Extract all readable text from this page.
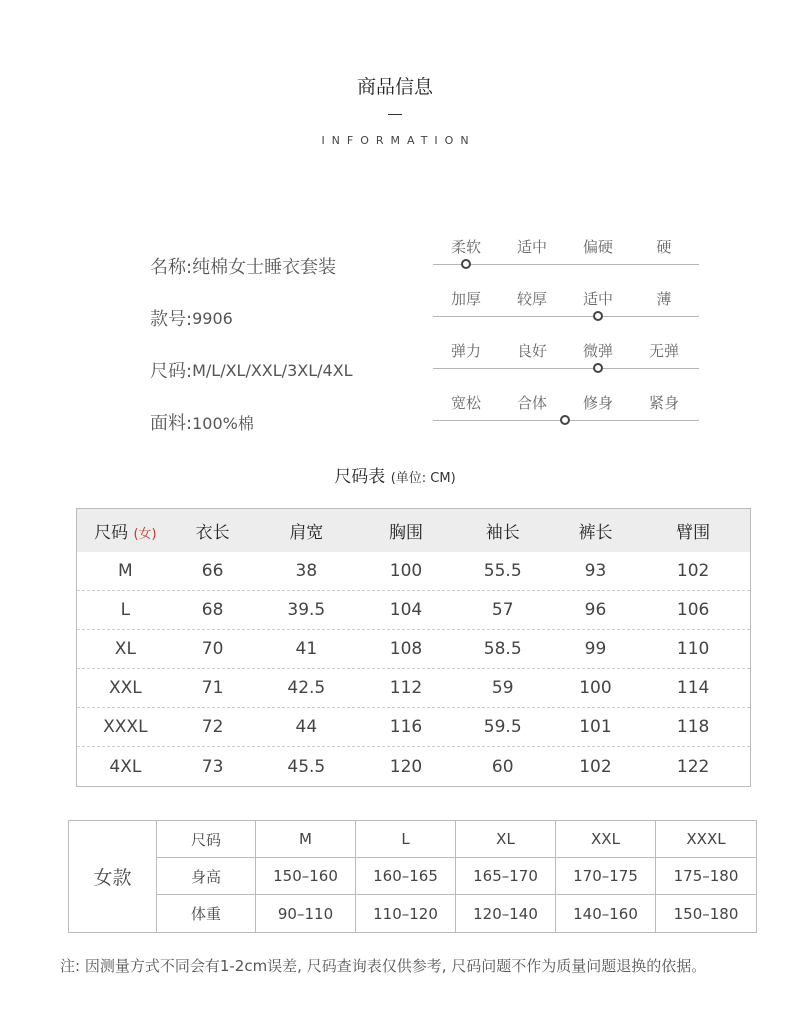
商品信息
INFORMATION
名称: 纯棉女士睡衣套装
款号: 9906
尺码: M/L/XL/XXL/3XL/4XL
面料: 100%棉
柔软	适中	偏硬	硬
加厚	较厚	适中	薄
弹力	良好	微弹	无弹
宽松	合体	修身	紧身
尺码表 (单位: CM)
尺码 (女)	衣长	肩宽	胸围	袖长	裤长	臂围
M	66	38	100	55.5	93	102
L	68	39.5	104	57	96	106
XL	70	41	108	58.5	99	110
XXL	71	42.5	112	59	100	114
XXXL	72	44	116	59.5	101	118
4XL	73	45.5	120	60	102	122
女款
尺码	M	L	XL	XXL	XXXL
身高	150–160	160–165	165–170	170–175	175–180
体重	90–110	110–120	120–140	140–160	150–180
注: 因测量方式不同会有1-2cm误差, 尺码查询表仅供参考, 尺码问题不作为质量问题退换的依据。
